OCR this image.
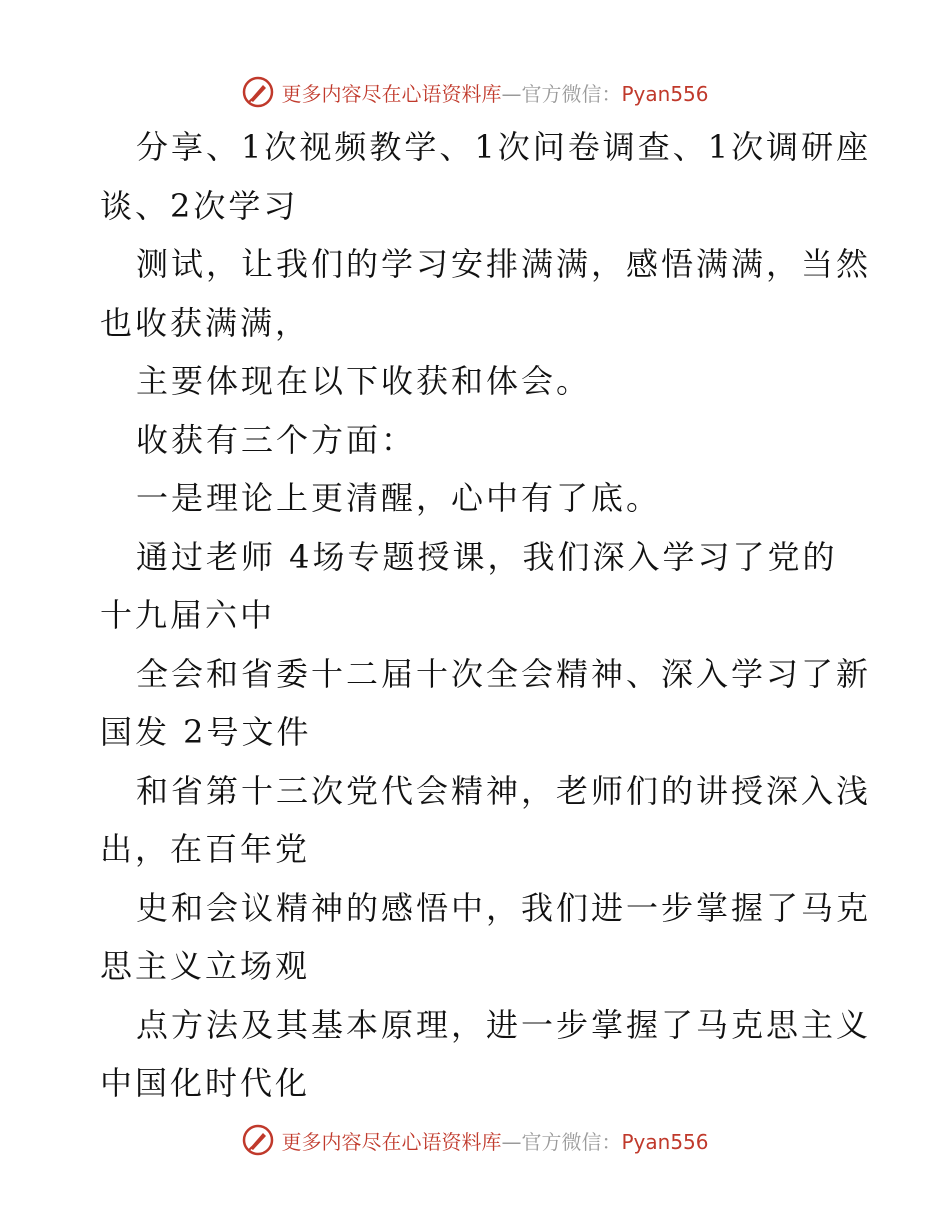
更多内容尽在心语资料库—官方微信：Pyan556
分享、1次视频教学、1次问卷调查、1次调研座
谈、2次学习
测试，让我们的学习安排满满，感悟满满，当然
也收获满满，
主要体现在以下收获和体会。
收获有三个方面：
一是理论上更清醒，心中有了底。
通过老师 4场专题授课，我们深入学习了党的
十九届六中
全会和省委十二届十次全会精神、深入学习了新
国发 2号文件
和省第十三次党代会精神，老师们的讲授深入浅
出，在百年党
史和会议精神的感悟中，我们进一步掌握了马克
思主义立场观
点方法及其基本原理，进一步掌握了马克思主义
中国化时代化
更多内容尽在心语资料库—官方微信：Pyan556
